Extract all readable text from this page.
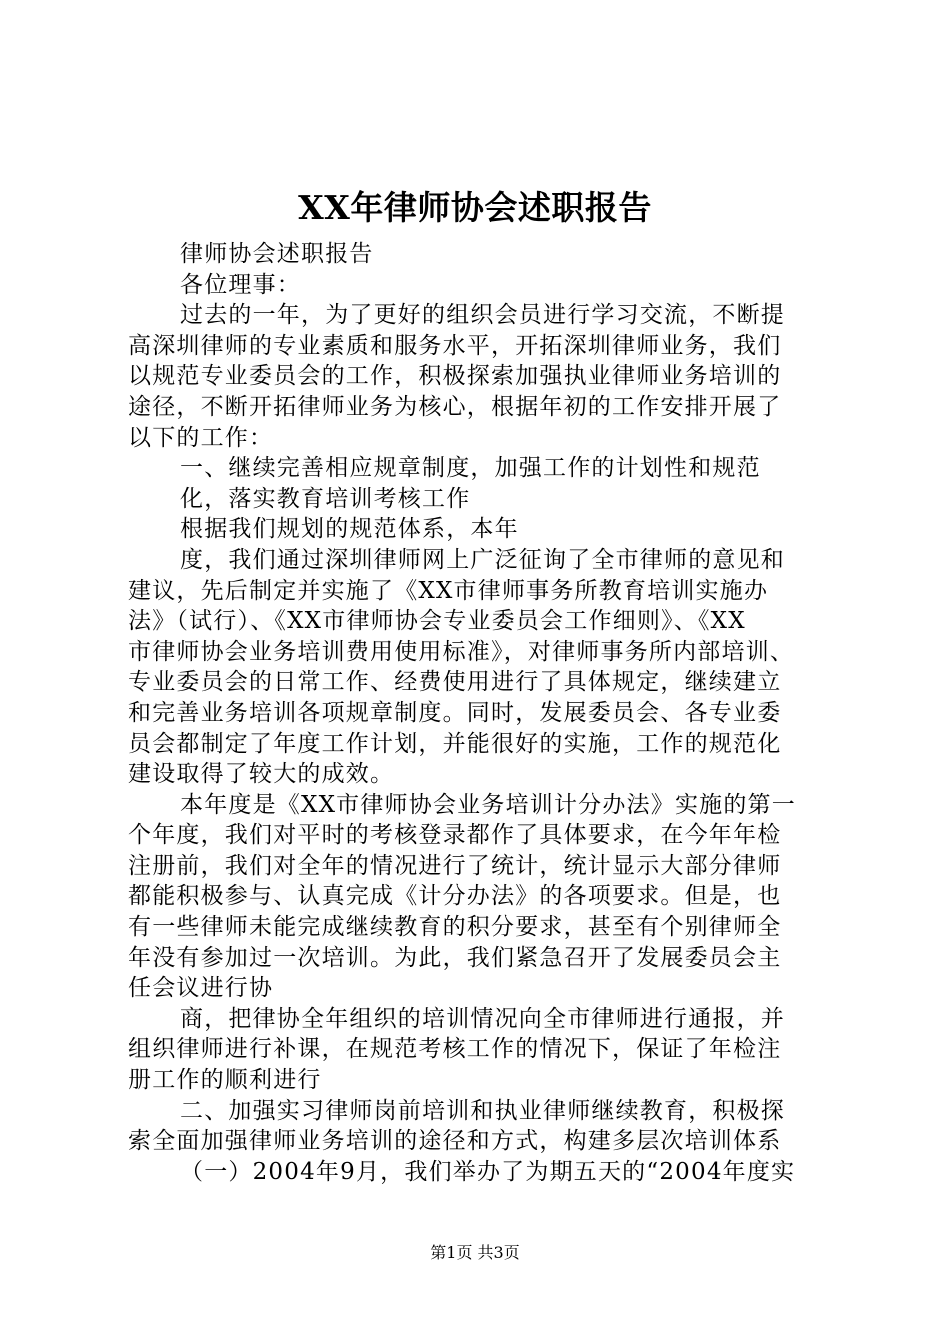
XX年律师协会述职报告
律师协会述职报告
各位理事：
过去的一年，为了更好的组织会员进行学习交流，不断提
高深圳律师的专业素质和服务水平，开拓深圳律师业务，我们
以规范专业委员会的工作，积极探索加强执业律师业务培训的
途径，不断开拓律师业务为核心，根据年初的工作安排开展了
以下的工作：
一、继续完善相应规章制度，加强工作的计划性和规范
化，落实教育培训考核工作
根据我们规划的规范体系，本年
度，我们通过深圳律师网上广泛征询了全市律师的意见和
建议，先后制定并实施了《XX市律师事务所教育培训实施办
法》（试行）、《XX市律师协会专业委员会工作细则》、《XX
市律师协会业务培训费用使用标准》，对律师事务所内部培训、
专业委员会的日常工作、经费使用进行了具体规定，继续建立
和完善业务培训各项规章制度。同时，发展委员会、各专业委
员会都制定了年度工作计划，并能很好的实施，工作的规范化
建设取得了较大的成效。
本年度是《XX市律师协会业务培训计分办法》实施的第一
个年度，我们对平时的考核登录都作了具体要求，在今年年检
注册前，我们对全年的情况进行了统计，统计显示大部分律师
都能积极参与、认真完成《计分办法》的各项要求。但是，也
有一些律师未能完成继续教育的积分要求，甚至有个别律师全
年没有参加过一次培训。为此，我们紧急召开了发展委员会主
任会议进行协
商，把律协全年组织的培训情况向全市律师进行通报，并
组织律师进行补课，在规范考核工作的情况下，保证了年检注
册工作的顺利进行
二、加强实习律师岗前培训和执业律师继续教育，积极探
索全面加强律师业务培训的途径和方式，构建多层次培训体系
（一）2004年9月，我们举办了为期五天的“2004年度实
第1页 共3页
